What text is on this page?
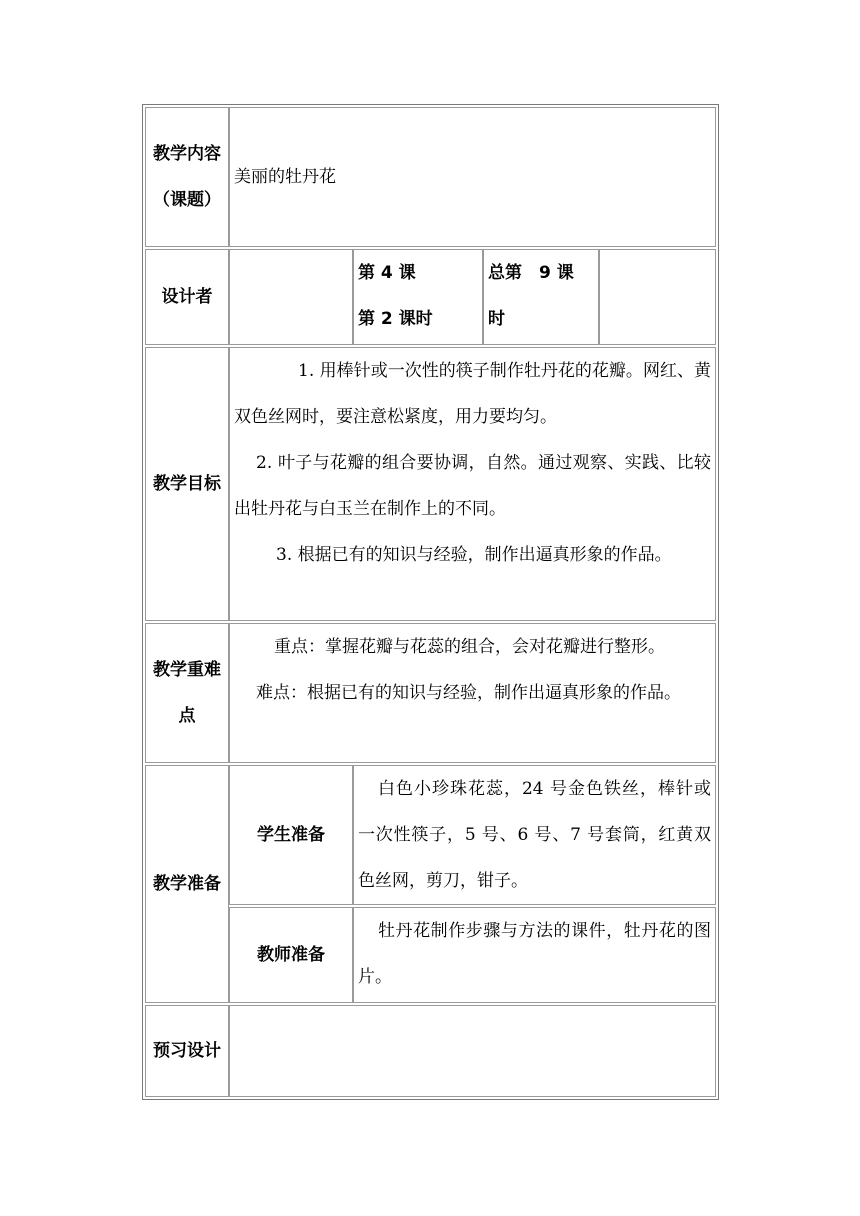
教学内容（课题）
美丽的牡丹花
设计者
第 4 课
第 2 课时
总第　9 课
时
教学目标

1. 用棒针或一次性的筷子制作牡丹花的花瓣。网红、黄双色丝网时，要注意松紧度，用力要均匀。

2. 叶子与花瓣的组合要协调，自然。通过观察、实践、比较出牡丹花与白玉兰在制作上的不同。

3. 根据已有的知识与经验，制作出逼真形象的作品。

教学重难点

重点：掌握花瓣与花蕊的组合，会对花瓣进行整形。

难点：根据已有的知识与经验，制作出逼真形象的作品。

教学准备
学生准备

白色小珍珠花蕊，24 号金色铁丝，棒针或一次性筷子，5 号、6 号、7 号套筒，红黄双色丝网，剪刀，钳子。

教师准备

牡丹花制作步骤与方法的课件，牡丹花的图片。

预习设计
